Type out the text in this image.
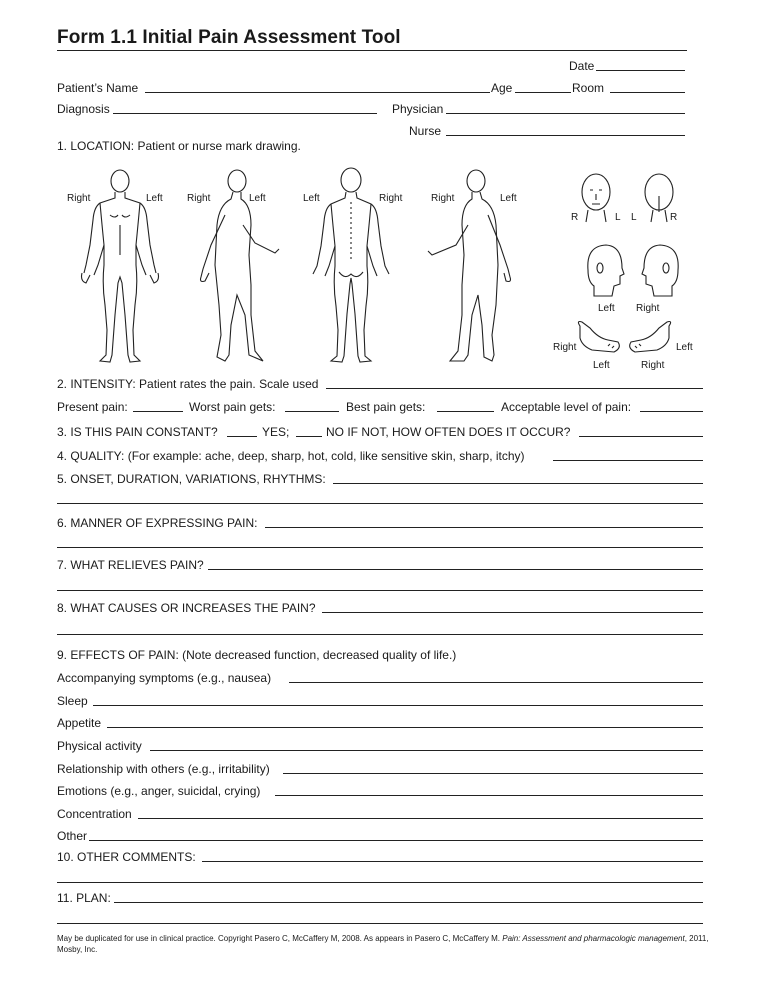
Form 1.1 Initial Pain Assessment Tool
Date
Patient’s Name	Age	Room
Diagnosis	Physician
Nurse
1. LOCATION: Patient or nurse mark drawing.
Right	Left Right	Left	Left	Right	Right	Left
R	L L	R
Left Right
Right	Left
Left	Right
2. INTENSITY: Patient rates the pain. Scale used
Present pain:	Worst pain gets:	Best pain gets:	Acceptable level of pain:
3. IS THIS PAIN CONSTANT?	YES;	NO IF NOT, HOW OFTEN DOES IT OCCUR?
4. QUALITY: (For example: ache, deep, sharp, hot, cold, like sensitive skin, sharp, itchy)
5. ONSET, DURATION, VARIATIONS, RHYTHMS:
6. MANNER OF EXPRESSING PAIN:
7. WHAT RELIEVES PAIN?
8. WHAT CAUSES OR INCREASES THE PAIN?
9. EFFECTS OF PAIN: (Note decreased function, decreased quality of life.)
Accompanying symptoms (e.g., nausea)
Sleep
Appetite
Physical activity
Relationship with others (e.g., irritability)
Emotions (e.g., anger, suicidal, crying)
Concentration
Other
10. OTHER COMMENTS:
11. PLAN:
May be duplicated for use in clinical practice. Copyright Pasero C, McCaffery M, 2008. As appears in Pasero C, McCaffery M. Pain: Assessment and pharmacologic management, 2011, Mosby, Inc.
